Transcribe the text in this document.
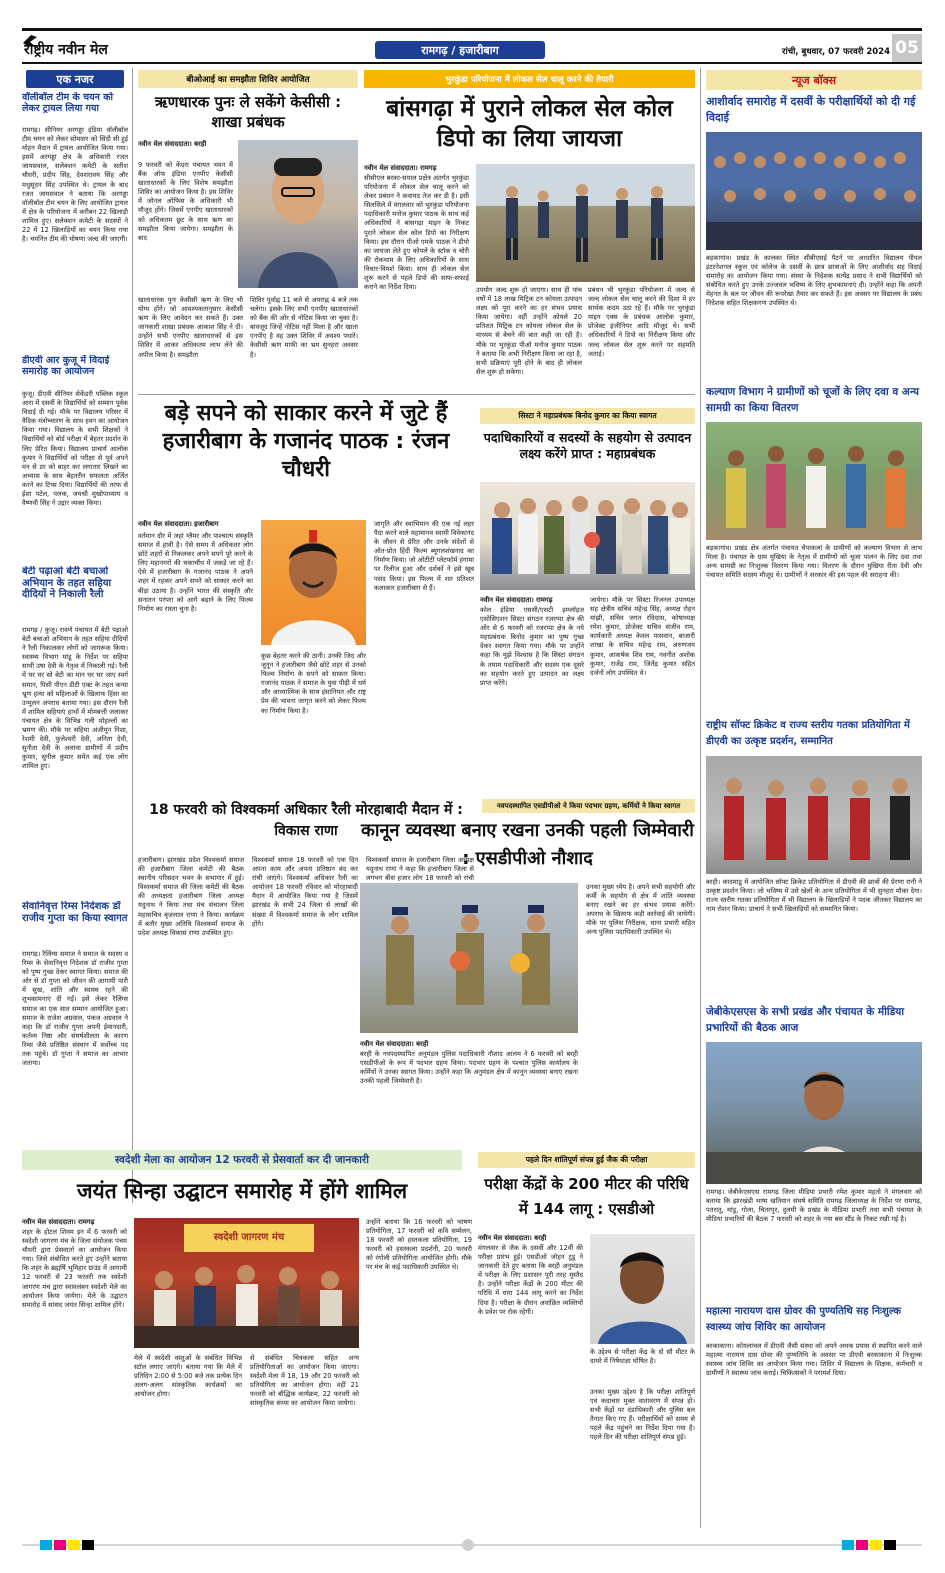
राष्ट्रीय नवीन मेल	रामगढ़ / हजारीबाग	रांची, बुधवार, 07 फरवरी 2024 05
एक नजर
वॉलीबॉल टीम के चयन को लेकर ट्रायल लिया गया
रामगढ़। सीनियर अरगड्डा इंडिया वॉलीबॉल टीम चयन को लेकर सोमवार को सिंदी सी हुई मोहन मैदान में ट्रायल आयोजित किया गया। इसमें अरगड्डा क्षेत्र के अधिकारी रजत जायसवाल, सलेक्शन कमेटी के सतीश चौधरी, प्रदीप सिंह, देवशरावय सिंह और मधुसूदन सिंह उपस्थित थे। ट्रायल के बाद रजत जायसवाल ने बताया कि अरगड्डा वॉलीबॉल टीम चयन के लिए आयोजित ट्रायल में क्षेत्र के परियोजना में करीबन 22 खिलाड़ी शामिल हुए। सलेक्शन कमेटी के सदस्यों ने 22 में 12 खिलाड़ियों का चयन किया गया है। चयनित टीम की घोषणा जल्द की जाएगी।
डीएवी आर कुजू में विदाई समारोह का आयोजन
कुजू। डीएवी सीनियर सेकेंडरी पब्लिक स्कूल आरा में दसवीं के विद्यार्थियों को सम्मान पूर्वक विदाई दी गई। मौके पर विद्यालय परिसर में वैदिक मंत्रोच्चारण के साथ हवन का आयोजन किया गया। विद्यालय के सभी शिक्षकों ने विद्यार्थियों को बोर्ड परीक्षा में बेहतर प्रदर्शन के लिए प्रेरित किया। विद्यालय प्राचार्य आलोक कुमार ने विद्यार्थियों को परीक्षा से पूर्व अपने मन से डर को बाहर कर लगातार लिखने का अभ्यास के साथ बेहतरीन सफलता अर्जित करने का टिप्स दिया। विद्यार्थियों की तरफ से ईशा पटेल, पलक, जयश्री मुखोपाध्याय व वैष्णवी सिंह ने उद्गार व्यक्त किया।
बेटी पढ़ाओ बेटी बचाओ अभियान के तहत सहिया दीदियों ने निकाली रैली
रामगढ़ / कुजू। रावणे पंचायत में बेटी पढ़ाओ बेटी बचाओ अभियान के तहत सहिया दीदियों ने रैली निकालकर लोगों को जागरूक किया। स्वास्थ्य विभाग मांडू के निर्देश पर सहिया साथी उषा देवी के नेतृत्व में निकाली गई। रैली में घर घर सो बेटी का मान घर घर जाए स्वर्ग समान, पिसी पीएन डीटी एक्ट के तहत कन्या भ्रूण हत्या को महिलाओं के खिलाफ हिंसा का उन्मूलन अपराध बताया गया। इस दौरान रैली में शामिल सहियाएं हाथों में मोमबत्ती जलाकर पंचायत क्षेत्र के विभिन्न गली मोहल्लों का भ्रमण की। मौके पर सहिया अंजीमून निशा, रेशमी देवी, फुलेश्वरी देवी, अनिता देवी, सुनीता देवी के अलावा ग्रामीणों में प्रदीप कुमार, सुनील कुमार समेत कई एक लोग शामिल हुए।
सेवानिवृत्त रिम्स निदेशक डॉ राजीव गुप्ता का किया स्वागत
रामगढ़। रैलिंग्स समाज ने समाज के सदस्य व रिम्स के सेवानिवृत्त निदेशक डॉ राजीव गुप्ता को पुष्प गुच्छ देकर स्वागत किया। समाज की ओर से डॉ गुप्ता को जीवन की आगामी पारी में सुख, शांति और स्वास्थ रहने की शुभकामनाएं दी गईं। इसे लेकर रैलिंग्स समाज का एक सात सम्मान आयोजित हुआ। समाज के राजेश अग्रवाल, पंकज अग्रवाल ने कहा कि डॉ राजीव गुप्ता अपनी ईमानदारी, कर्तव्य निष्ठा और संघर्षशीलता के कारण रिम्स जैसे प्रतिष्ठित संस्थान में सर्वोच्च पद तक पहुंचे। डॉ गुप्ता ने समाज का आभार जताया।
बीओआई का समझौता शिविर आयोजित
ऋणधारक पुनः ले सकेंगे केसीसी : शाखा प्रबंधक
नवीन मेल संवाददाता। बरही
9 फरवरी को केंदरा पंचायत भवन में बैंक ऑफ इंडिया एनपीए केसीसी खाताधारकों के लिए विशेष समझौता शिविर का आयोजन किया है। इस शिविर में जोनल ऑफिस के अधिकारी भी मौजूद होंगे। जिसमें एनपीए खाताधारकों को अधिकतम छूट के साथ ऋण का समझौता किया जायेगा। समझौता के बाद
खाताधारक पुनः केसीसी ऋण के लिए भी योग्य होंगे। जो आवश्यकतानुसार केसीसी ऋण के लिए आवेदन कर सकते हैं। उक्त जानकारी शाखा प्रबंधक आकाश सिंह ने दी। उन्होंने सभी एनपीए खाताधारकों से इस शिविर में आकर अधिकतम लाभ लेने की अपील किया है। समझौता
शिविर पूर्वाह्न 11 बजे से अपराह्न 4 बजे तक चलेगा। इसके लिए सभी एनपीए खाताधारकों को बैंक की ओर से नोटिस किया जा चुका है। बावजूद जिन्हें नोटिस नहीं मिला है और खाता एनपीए है वह उक्त शिविर में अवश्य पधारें। केसीसी ऋण माफी का भ्रम सुनहरा अवसर है।
भुरकुंडा परियोजना में लोकल सेल चालू करने की तैयारी
बांसगढ़ा में पुराने लोकल सेल कोल डिपो का लिया जायजा
नवीन मेल संवाददाता। रामगढ़
सीसीएल बरका-सयाल प्रक्षेत्र अंतर्गत भुरकुंडा परियोजना में लोकल सेल चालू करने को लेकर प्रबंधन ने कवायद तेज कर दी है। इसी सिलसिले में मंगलवार को भुरकुंडा परियोजना पदाधिकारी मनोज कुमार पाठक के साथ कई अधिकारियों ने बांसगढ़ा माइन के निकट पुराने लोकल सेल कोल डिपो का निरीक्षण किया। इस दौरान पीओ एमके पाठक ने डीपो का जायजा लेते हुए कोयले के स्टॉक व चोरी की रोकथाम के लिए अधिकारियों के साथ विचार-विमर्श किया। साथ ही लोकल सेल शुरू करने से पहले डिपो की साफ-सफाई कराने का निर्देश दिया।	उपयोग जल्द शुरू हो जाएगा। साथ ही पांच वर्षों में 18 लाख मिट्रिक टन कोयला उत्पादन लक्ष्य को पूरा करने का हर संभव प्रयास किया जायेगा। वहीं उन्होंने कोयले 20 प्रतिशत मिट्रिक टन कोयला लोकल सेल के माध्यम से बेचने की बात कही जा रही है। मौके पर भुरकुंडा पीओ मनोज कुमार पाठक ने बताया कि अभी निरीक्षण किया जा रहा है, सभी प्रक्रियाएं पूरी होने के बाद ही लोकल सेल शुरू हो सकेगा।
प्रबंधन भी भुरकुंडा परियोजना में जल्द से जल्द लोकल सेल चालू करने की दिशा में हर सार्थक कदम उठा रहे हैं। मौके पर भुरकुंडा माइन एक्स के प्रबंधक आलोक कुमार, प्रोजेक्ट इंजीनियर आदि मौजूद थे। सभी अधिकारियों ने डिपो का निरीक्षण किया और जल्द लोकल सेल शुरू करने पर सहमति जताई।
बड़े सपने को साकार करने में जुटे हैं हजारीबाग के गजानंद पाठक : रंजन चौधरी
नवीन मेल संवाददाता। हजारीबाग
वर्तमान दौर में जहां ग्लैमर और पाश्चात्य संस्कृति समाज में हावी है। ऐसे समय में अधिकतर लोग छोटे शहरों से निकलकर अपने सपने पूरे करने के लिए महानगरों की चकाचौंध में जकड़े जा रहे हैं। ऐसे में हजारीबाग के गजानंद पाठक ने अपने शहर में रहकर अपने सपने को साकार करने का बीड़ा उठाया है। उन्होंने भारत की संस्कृति और सनातन परंपरा को आगे बढ़ाने के लिए फिल्म निर्माण का रास्ता चुना है।
कुछ बेहतर करने की ठानी। उनकी जिद और जुनून ने हजारीबाग जैसे छोटे शहर से उनको फिल्म निर्माण के सपने को साकार किया। गजानंद पाठक ने समाज के युवा पीढ़ी में धर्म और आध्यात्मिक के साथ इंसानियत और राष्ट्र प्रेम की भावना जागृत करने को लेकर फिल्म का निर्माण किया है।
जागृति और स्वाभिमान की एक नई लहर पैदा करने वाले महामानव स्वामी विवेकानंद के जीवन से प्रेरित और उनके संदेशों से ओत-प्रोत हिंदी फिल्म ब्यूगलशंखनाद का निर्माण किया। जो ओटीटी प्लेटफॉर्म हंगामा पर रिलीज हुआ और दर्शकों ने इसे खूब पसंद किया। इस फिल्म में शत प्रतिशत कलाकार हजारीबाग से हैं।
सिस्टा ने महाप्रबंधक बिनोद कुमार का किया स्वागत
पदाधिकारियों व सदस्यों के सहयोग से उत्पादन लक्ष्य करेंगे प्राप्त : महाप्रबंधक
नवीन मेल संवाददाता। रामगढ़
कोल इंडिया एससी/एसटी इम्प्लॉइज एसोसिएशन सिस्टा संगठन रजरप्पा क्षेत्र की ओर से 6 फरवरी को रजरप्पा क्षेत्र के नये महाप्रबंधक बिनोद कुमार का पुष्प गुच्छ देकर स्वागत किया गया। मौके पर उन्होंने कहा कि मुझे विश्वास है कि सिस्टा संगठन के तमाम पदाधिकारी और सदस्य एक दूसरे का सहयोग करते हुए उत्पादन का लक्ष्य प्राप्त करेंगे।
जायेगा। मौके पर सिस्टा रिजनल उपाध्यक्ष सह क्षेत्रीय सचिव महेन्द्र सिंह, अध्यक्ष रोहन मांझी, सचिव जगत रविदास, कोषाध्यक्ष रमेश कुमार, प्रोजेक्ट सचिव संजीव राम, कार्यकारी अध्यक्ष केवल पासवान, बाजारी शाखा के सचिव महेन्द्र राम, अरुणजय कुमार, आकर्षक शिव राम, नवनीत अशोक कुमार, राजेंद्र राम, जितेंद्र कुमार सहित दर्जनों लोग उपस्थित थे।
18 फरवरी को विश्वकर्मा अधिकार रैली मोरहाबादी मैदान में : विकास राणा
हजारीबाग। झारखंड प्रदेश विश्वकर्मा समाज की हजारीबाग जिला कमेटी की बैठक स्थानीय परिसदन भवन के सभागार में हुई। विश्वकर्मा समाज की जिला कमेटी की बैठक की अध्यक्षता हजारीबाग जिला अध्यक्ष यदुनाथ ने किया तथा मंच संचालन जिला महासचिव बृजलाल राणा ने किया। कार्यक्रम में बतौर मुख्य अतिथि विश्वकर्मा समाज के प्रदेश अध्यक्ष विकास राणा उपस्थित हुए।
विश्वकर्मा समाज 18 फरवरी को एक दिन अपना काम और अपना प्रतिष्ठान बंद कर रांची जाएंगे। विश्वकर्मा अधिकार रैली का आयोजन 18 फरवरी रविवार को मोरहाबादी मैदान में आयोजित किया गया है जिसमें झारखंड के सभी 24 जिला से लाखों की संख्या में विश्वकर्मा समाज के लोग शामिल होंगे।
विश्वकर्मा समाज के हजारीबाग जिला अध्यक्ष यदुनाथ राणा ने कहा कि हजारीबाग जिला से लगभग बीस हजार लोग 18 फरवरी को रांची
नवपदस्थापित एसडीपीओ ने किया पदभार ग्रहण, कर्मियों ने किया स्वागत
कानून व्यवस्था बनाए रखना उनकी पहली जिम्मेवारी : एसडीपीओ नौशाद
उनका मुख्य ध्येय है। अपने सभी सहयोगी और कर्मी के सहयोग से क्षेत्र में शांति व्यवस्था बनाए रखने का हर संभव प्रयास करेंगे। अपराध के खिलाफ कड़ी कार्रवाई की जायेगी। मौके पर पुलिस निरीक्षक, थाना प्रभारी सहित अन्य पुलिस पदाधिकारी उपस्थित थे।
नवीन मेल संवाददाता। बरही
बरही के नवपदस्थापित अनुमंडल पुलिस पदाधिकारी नौशाद आलम ने 6 फरवरी को बरही एसडीपीओ के रूप में पदभार ग्रहण किया। पदभार ग्रहण के पश्चात पुलिस कार्यालय के कर्मियों ने उनका स्वागत किया। उन्होंने कहा कि अनुमंडल क्षेत्र में कानून व्यवस्था बनाए रखना उनकी पहली जिम्मेवारी है।
स्वदेशी मेला का आयोजन 12 फरवरी से प्रेसवार्ता कर दी जानकारी
जयंत सिन्हा उद्घाटन समारोह में होंगे शामिल
नवीन मेल संवाददाता। रामगढ़
शहर के होटल शिवम इन में 6 फरवरी को स्वदेशी जागरण मंच के जिला संयोजक पंचम चौधरी द्वारा प्रेसवार्ता का आयोजन किया गया। जिसे संबोधित करते हुए उन्होंने बताया कि शहर के ब्रह्मर्षि भूमिहार ग्राउंड में आगामी 12 फरवरी से 23 फरवरी तक स्वदेशी जागरण मंच द्वारा स्वावलंबन स्वदेशी मेले का आयोजन किया जायेगा। मेले के उद्घाटन समारोह में सांसद जयंत सिन्हा शामिल होंगे।
स्वदेशी जागरण मंच
मेले में स्वदेशी वस्तुओं के संबंधित विभिन्न स्टॉल लगाए जाएंगे। बताया गया कि मेले में प्रतिदिन 2:00 से 5:00 बजे तक प्रत्येक दिन अलग-अलग सांस्कृतिक कार्यक्रमों का आयोजन होगा।
से संबंधित चित्रकला सहित अन्य प्रतियोगिताओं का आयोजन किया जाएगा। स्वदेशी मेला में 18, 19 और 20 फरवरी को प्रतियोगिता का आयोजन होगा। वहीं 21 फरवरी को बौद्धिक कार्यक्रम, 22 फरवरी को सांस्कृतिक संध्या का आयोजन किया जायेगा।
उन्होंने बताया कि 16 फरवरी को भाषण प्रतियोगिता, 17 फरवरी को कवि सम्मेलन, 18 फरवरी को हस्तकला प्रतियोगिता, 19 फरवरी को हस्तकला प्रदर्शनी, 20 फरवरी को रंगोली प्रतियोगिता आयोजित होगी। मौके पर मंच के कई पदाधिकारी उपस्थित थे।
पहले दिन शांतिपूर्ण संपन्न हुई जैक की परीक्षा
परीक्षा केंद्रों के 200 मीटर की परिधि में 144 लागू : एसडीओ
नवीन मेल संवाददाता। बरही
मंगलवार से जैक के दसवीं और 12वीं की परीक्षा प्रारंभ हुई। एसडीओ जोहन टुडू ने जानकारी देते हुए बताया कि बरही अनुमंडल में परीक्षा के लिए प्रशासन पूरी तरह मुस्तैद है। उन्होंने परीक्षा केंद्रों के 200 मीटर की परिधि में धारा 144 लागू करने का निर्देश दिया है। परीक्षा के दौरान अवांछित व्यक्तियों के प्रवेश पर रोक रहेगी।
के उद्देश्य से परीक्षा केंद्र के दो सौ मीटर के दायरे में निषेधाज्ञा घोषित है।
उनका मुख्य उद्देश्य है कि परीक्षा शांतिपूर्ण एवं कदाचार मुक्त वातावरण में संपन्न हो। सभी केंद्रों पर दंडाधिकारी और पुलिस बल तैनात किए गए हैं। परीक्षार्थियों को समय से पहले केंद्र पहुंचने का निर्देश दिया गया है। पहले दिन की परीक्षा शांतिपूर्ण संपन्न हुई।
न्यूज बॉक्स
आशीर्वाद समारोह में दसवीं के परीक्षार्थियों को दी गई विदाई
बड़कागांव। प्रखंड के कालका स्थित सीबीएसई पैटर्न पर आधारित विद्यालय पीपल इंटरनेशनल स्कूल एवं कॉलेज के दसवीं के छात्र छात्राओं के लिए आशीर्वाद सह विदाई समारोह का आयोजन किया गया। संस्था के निदेशक सत्येंद्र प्रसाद ने सभी विद्यार्थियों को संबोधित करते हुए उनके उज्जवल भविष्य के लिए शुभकामनाएं दी। उन्होंने कहा कि अपनी मेहनत के बल पर जीवन की रूपरेखा तैयार कर सकते हैं। इस अवसर पर विद्यालय के प्रबंध निदेशक सहित शिक्षकगण उपस्थित थे।
कल्याण विभाग ने ग्रामीणों को चूजों के लिए दवा व अन्य सामग्री का किया वितरण
बड़कागांव। प्रखंड क्षेत्र अंतर्गत पंचायत चेपाकलां के ग्रामीणों को कल्याण विभाग से लाभ मिला है। पंचायत के ग्राम मुखिया के नेतृत्व में ग्रामीणों को चूजा पालन के लिए दवा तथा अन्य सामग्री का निःशुल्क वितरण किया गया। वितरण के दौरान मुखिया रीता देवी और पंचायत समिति सदस्य मौजूद थे। ग्रामीणों ने सरकार की इस पहल की सराहना की।
राष्ट्रीय सॉफ्ट क्रिकेट व राज्य स्तरीय गतका प्रतियोगिता में डीएवी का उत्कृष्ट प्रदर्शन, सम्मानित
बरही। कादमाडू में आयोजित सॉफ्ट क्रिकेट प्रतियोगिता में डीएवी की छात्रों की प्रेरणा रानी ने उत्कृष्ट प्रदर्शन किया। जो भविष्य में उसे खेलों के अन्य प्रतियोगिता में भी सुनहरा मौका देगा। राज्य स्तरीय गतका प्रतियोगिता में भी विद्यालय के खिलाड़ियों ने पदक जीतकर विद्यालय का नाम रोशन किया। प्राचार्य ने सभी खिलाड़ियों को सम्मानित किया।
जेबीकेएसएस के सभी प्रखंड और पंचायत के मीडिया प्रभारियों की बैठक आज
रामगढ़। जेबीकेएसएस रामगढ़ जिला मीडिया प्रभारी रमेश कुमार महतो ने मंगलवार को बताया कि झारखंडी भाषा खतियान संघर्ष समिति रामगढ़ जिलाध्यक्ष के निर्देश पर रामगढ़, पतरातू, मांडू, गोला, चितरपुर, दुलमी के प्रखंड के मीडिया प्रभारी तथा सभी पंचायत के मीडिया प्रभारियों की बैठक 7 फरवरी को शहर के नया बस स्टैंड के निकट रखी गई है।
महात्मा नारायण दास ग्रोवर की पुण्यतिथि सह निःशुल्क स्वास्थ्य जांच शिविर का आयोजन
बरकाकाना। कोयलांचल में डीएवी जैसी संस्था को अपने अथक प्रयास से स्थापित करने वाले महात्मा नारायण दास ग्रोवर की पुण्यतिथि के अवसर पर डीएवी बरकाकाना में निःशुल्क स्वास्थ्य जांच शिविर का आयोजन किया गया। शिविर में विद्यालय के शिक्षक, कर्मचारी व ग्रामीणों ने स्वास्थ्य जांच कराई। चिकित्सकों ने परामर्श दिया।
